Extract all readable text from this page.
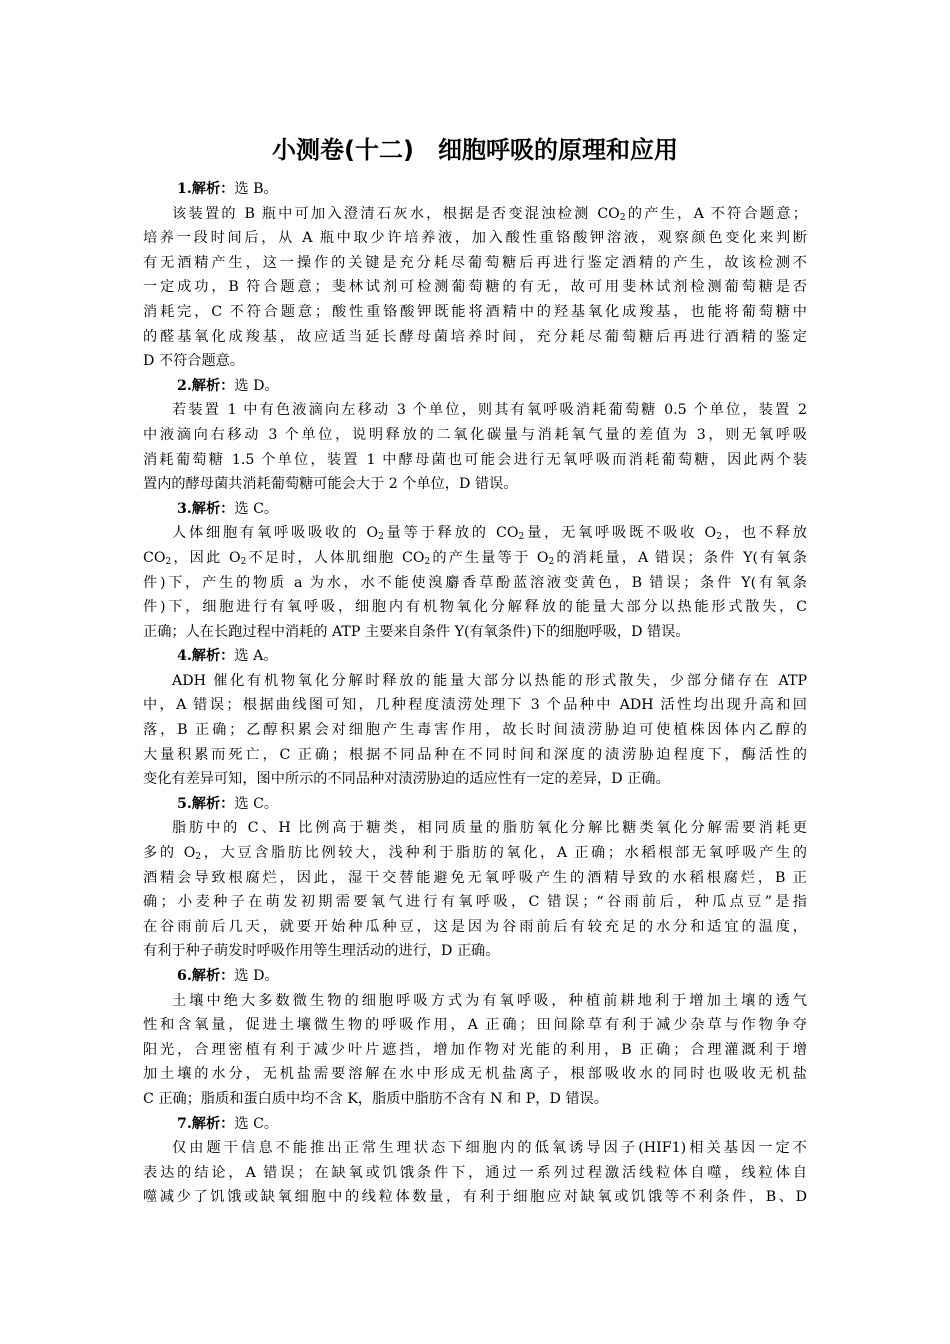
小测卷(十二)　细胞呼吸的原理和应用
1.解析：选 B。
该装置的 B 瓶中可加入澄清石灰水，根据是否变混浊检测 $CO_2$的产生，A 不符合题意；
培养一段时间后，从 A 瓶中取少许培养液，加入酸性重铬酸钾溶液，观察颜色变化来判断
有无酒精产生，这一操作的关键是充分耗尽葡萄糖后再进行鉴定酒精的产生，故该检测不
一定成功，B 符合题意；斐林试剂可检测葡萄糖的有无，故可用斐林试剂检测葡萄糖是否
消耗完，C 不符合题意；酸性重铬酸钾既能将酒精中的羟基氧化成羧基，也能将葡萄糖中
的醛基氧化成羧基，故应适当延长酵母菌培养时间，充分耗尽葡萄糖后再进行酒精的鉴定
D 不符合题意。
2.解析：选 D。
若装置 1 中有色液滴向左移动 3 个单位，则其有氧呼吸消耗葡萄糖 0.5 个单位，装置 2
中液滴向右移动 3 个单位，说明释放的二氧化碳量与消耗氧气量的差值为 3，则无氧呼吸
消耗葡萄糖 1.5 个单位，装置 1 中酵母菌也可能会进行无氧呼吸而消耗葡萄糖，因此两个装
置内的酵母菌共消耗葡萄糖可能会大于 2 个单位，D 错误。
3.解析：选 C。
人体细胞有氧呼吸吸收的 $O_2$量等于释放的 $CO_2$量，无氧呼吸既不吸收 $O_2$，也不释放
$CO_2$，因此 $O_2$不足时，人体肌细胞 $CO_2$的产生量等于 $O_2$的消耗量，A 错误；条件 Y(有氧条
件)下，产生的物质 a 为水，水不能使溴麝香草酚蓝溶液变黄色，B 错误；条件 Y(有氧条
件)下，细胞进行有氧呼吸，细胞内有机物氧化分解释放的能量大部分以热能形式散失，C
正确；人在长跑过程中消耗的 ATP 主要来自条件 Y(有氧条件)下的细胞呼吸，D 错误。
4.解析：选 A。
ADH 催化有机物氧化分解时释放的能量大部分以热能的形式散失，少部分储存在 ATP
中，A 错误；根据曲线图可知，几种程度渍涝处理下 3 个品种中 ADH 活性均出现升高和回
落，B 正确；乙醇积累会对细胞产生毒害作用，故长时间渍涝胁迫可使植株因体内乙醇的
大量积累而死亡，C 正确；根据不同品种在不同时间和深度的渍涝胁迫程度下，酶活性的
变化有差异可知，图中所示的不同品种对渍涝胁迫的适应性有一定的差异，D 正确。
5.解析：选 C。
脂肪中的 C、H 比例高于糖类，相同质量的脂肪氧化分解比糖类氧化分解需要消耗更
多的 $O_2$，大豆含脂肪比例较大，浅种利于脂肪的氧化，A 正确；水稻根部无氧呼吸产生的
酒精会导致根腐烂，因此，湿干交替能避免无氧呼吸产生的酒精导致的水稻根腐烂，B 正
确；小麦种子在萌发初期需要氧气进行有氧呼吸，C 错误；“谷雨前后，种瓜点豆”是指
在谷雨前后几天，就要开始种瓜种豆，这是因为谷雨前后有较充足的水分和适宜的温度，
有利于种子萌发时呼吸作用等生理活动的进行，D 正确。
6.解析：选 D。
土壤中绝大多数微生物的细胞呼吸方式为有氧呼吸，种植前耕地利于增加土壤的透气
性和含氧量，促进土壤微生物的呼吸作用，A 正确；田间除草有利于减少杂草与作物争夺
阳光，合理密植有利于减少叶片遮挡，增加作物对光能的利用，B 正确；合理灌溉利于增
加土壤的水分，无机盐需要溶解在水中形成无机盐离子，根部吸收水的同时也吸收无机盐
C 正确；脂质和蛋白质中均不含 K，脂质中脂肪不含有 N 和 P，D 错误。
7.解析：选 C。
仅由题干信息不能推出正常生理状态下细胞内的低氧诱导因子(HIF1)相关基因一定不
表达的结论，A 错误；在缺氧或饥饿条件下，通过一系列过程激活线粒体自噬，线粒体自
噬减少了饥饿或缺氧细胞中的线粒体数量，有利于细胞应对缺氧或饥饿等不利条件，B、D
